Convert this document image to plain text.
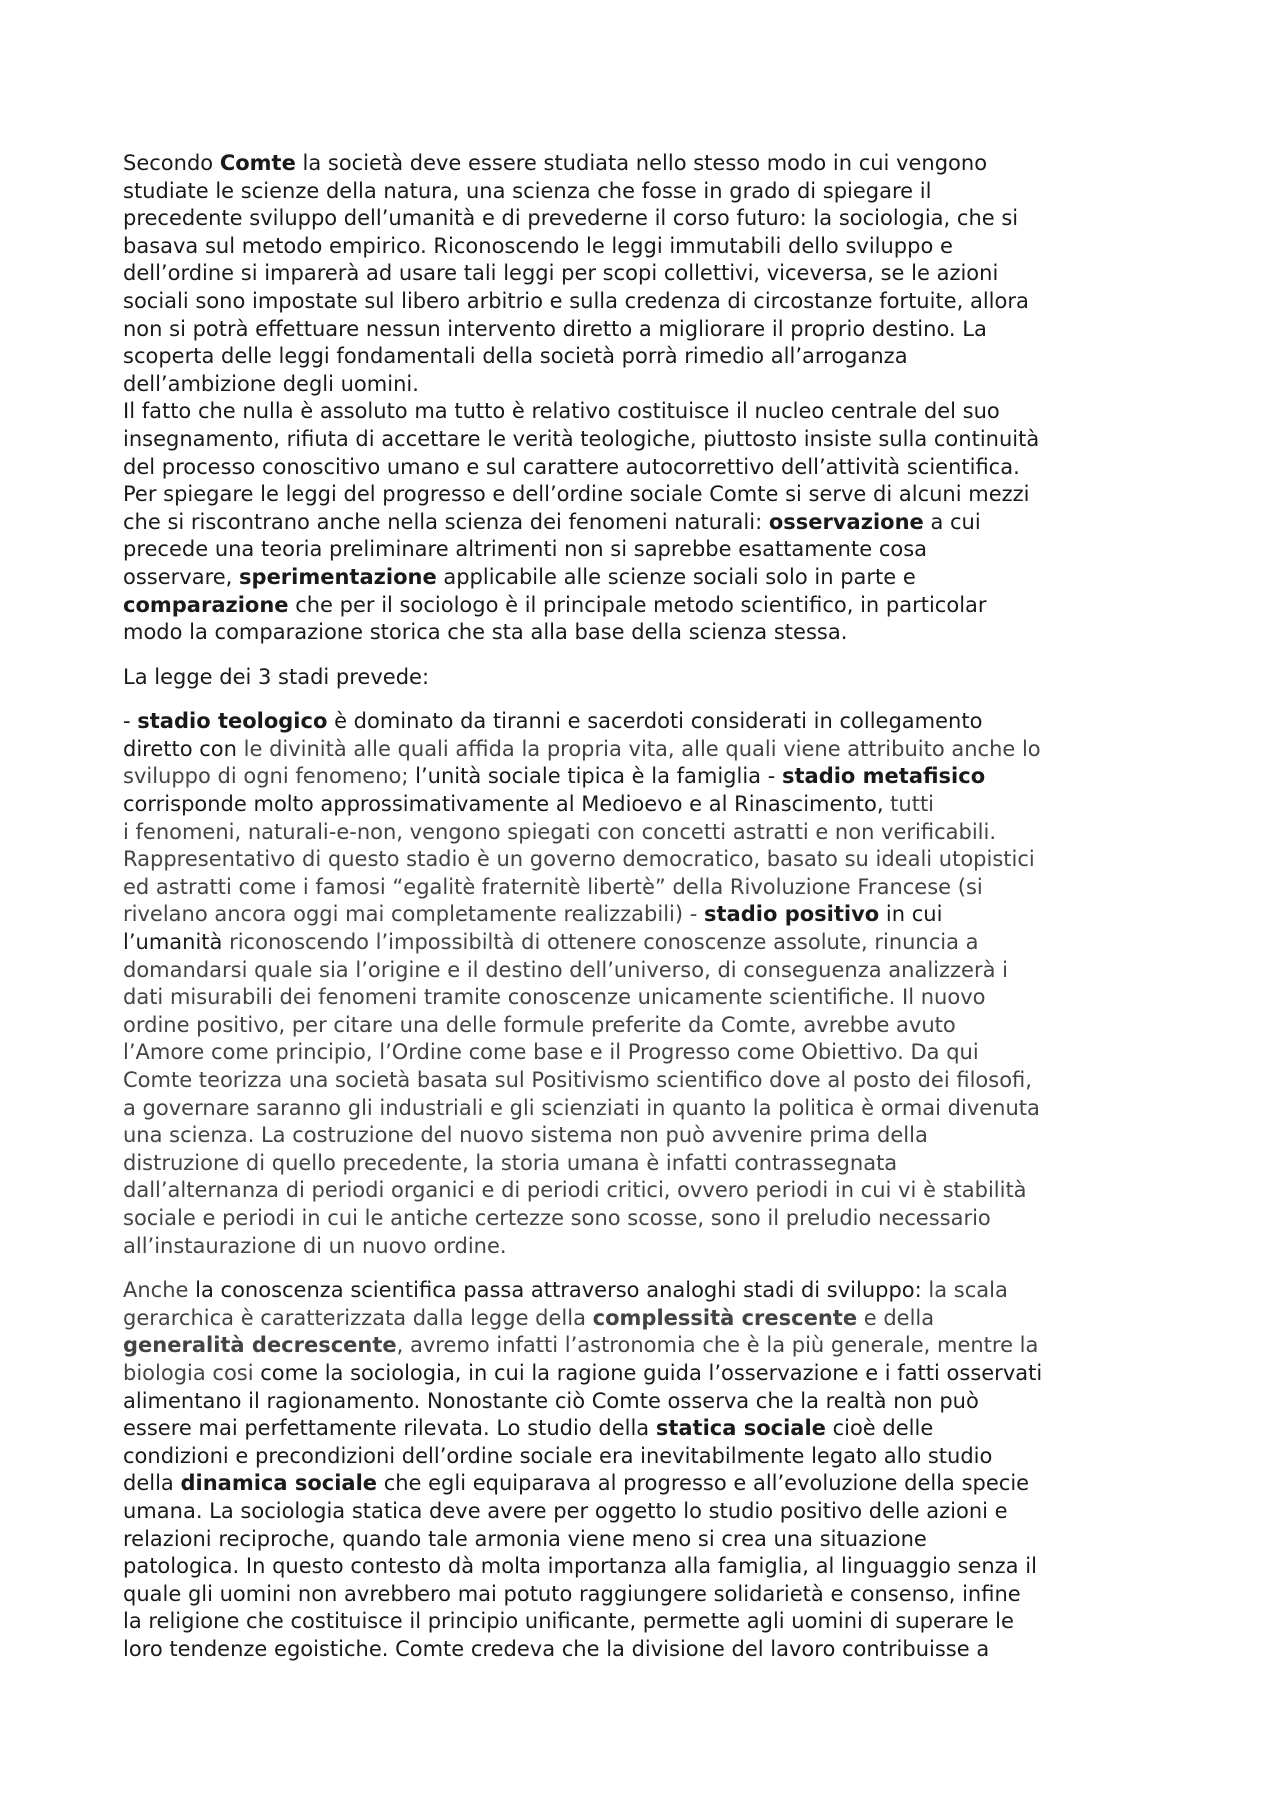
Secondo Comte la società deve essere studiata nello stesso modo in cui vengono
studiate le scienze della natura, una scienza che fosse in grado di spiegare il
precedente sviluppo dell’umanità e di prevederne il corso futuro: la sociologia, che si
basava sul metodo empirico. Riconoscendo le leggi immutabili dello sviluppo e
dell’ordine si imparerà ad usare tali leggi per scopi collettivi, viceversa, se le azioni
sociali sono impostate sul libero arbitrio e sulla credenza di circostanze fortuite, allora
non si potrà effettuare nessun intervento diretto a migliorare il proprio destino. La
scoperta delle leggi fondamentali della società porrà rimedio all’arroganza
dell’ambizione degli uomini.
Il fatto che nulla è assoluto ma tutto è relativo costituisce il nucleo centrale del suo
insegnamento, rifiuta di accettare le verità teologiche, piuttosto insiste sulla continuità
del processo conoscitivo umano e sul carattere autocorrettivo dell’attività scientifica.
Per spiegare le leggi del progresso e dell’ordine sociale Comte si serve di alcuni mezzi
che si riscontrano anche nella scienza dei fenomeni naturali: osservazione a cui
precede una teoria preliminare altrimenti non si saprebbe esattamente cosa
osservare, sperimentazione applicabile alle scienze sociali solo in parte e
comparazione che per il sociologo è il principale metodo scientifico, in particolar
modo la comparazione storica che sta alla base della scienza stessa.
La legge dei 3 stadi prevede:
- stadio teologico è dominato da tiranni e sacerdoti considerati in collegamento
diretto con le divinità alle quali affida la propria vita, alle quali viene attribuito anche lo
sviluppo di ogni fenomeno; l’unità sociale tipica è la famiglia - stadio metafisico
corrisponde molto approssimativamente al Medioevo e al Rinascimento, tutti
i fenomeni, naturali-e-non, vengono spiegati con concetti astratti e non verificabili.
Rappresentativo di questo stadio è un governo democratico, basato su ideali utopistici
ed astratti come i famosi “egalitè fraternitè libertè” della Rivoluzione Francese (si
rivelano ancora oggi mai completamente realizzabili) - stadio positivo in cui
l’umanità riconoscendo l’impossibiltà di ottenere conoscenze assolute, rinuncia a
domandarsi quale sia l’origine e il destino dell’universo, di conseguenza analizzerà i
dati misurabili dei fenomeni tramite conoscenze unicamente scientifiche. Il nuovo
ordine positivo, per citare una delle formule preferite da Comte, avrebbe avuto
l’Amore come principio, l’Ordine come base e il Progresso come Obiettivo. Da qui
Comte teorizza una società basata sul Positivismo scientifico dove al posto dei filosofi,
a governare saranno gli industriali e gli scienziati in quanto la politica è ormai divenuta
una scienza. La costruzione del nuovo sistema non può avvenire prima della
distruzione di quello precedente, la storia umana è infatti contrassegnata
dall’alternanza di periodi organici e di periodi critici, ovvero periodi in cui vi è stabilità
sociale e periodi in cui le antiche certezze sono scosse, sono il preludio necessario
all’instaurazione di un nuovo ordine.
Anche la conoscenza scientifica passa attraverso analoghi stadi di sviluppo: la scala
gerarchica è caratterizzata dalla legge della complessità crescente e della
generalità decrescente, avremo infatti l’astronomia che è la più generale, mentre la
biologia cosi come la sociologia, in cui la ragione guida l’osservazione e i fatti osservati
alimentano il ragionamento. Nonostante ciò Comte osserva che la realtà non può
essere mai perfettamente rilevata. Lo studio della statica sociale cioè delle
condizioni e precondizioni dell’ordine sociale era inevitabilmente legato allo studio
della dinamica sociale che egli equiparava al progresso e all’evoluzione della specie
umana. La sociologia statica deve avere per oggetto lo studio positivo delle azioni e
relazioni reciproche, quando tale armonia viene meno si crea una situazione
patologica. In questo contesto dà molta importanza alla famiglia, al linguaggio senza il
quale gli uomini non avrebbero mai potuto raggiungere solidarietà e consenso, infine
la religione che costituisce il principio unificante, permette agli uomini di superare le
loro tendenze egoistiche. Comte credeva che la divisione del lavoro contribuisse a
